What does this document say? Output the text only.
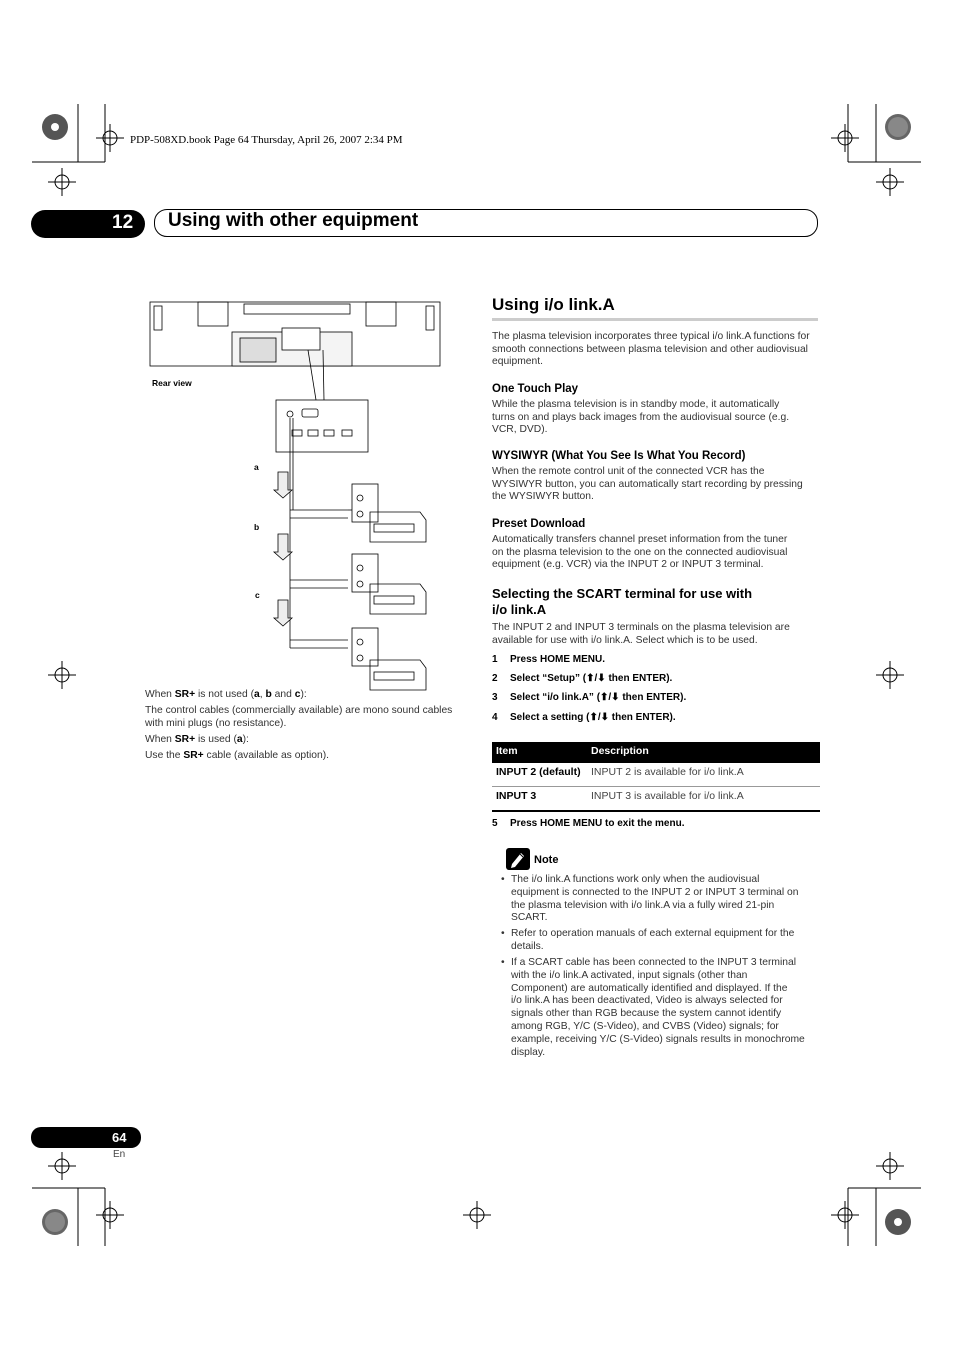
PDP-508XD.book Page 64 Thursday, April 26, 2007 2:34 PM
12 Using with other equipment
Rear view
a
b
c
When SR+ is not used (a, b and c):
The control cables (commercially available) are mono sound cables
with mini plugs (no resistance).
When SR+ is used (a):
Use the SR+ cable (available as option).
Using i/o link.A
The plasma television incorporates three typical i/o link.A functions for smooth connections between plasma television and other audiovisual equipment.
One Touch Play
While the plasma television is in standby mode, it automatically
turns on and plays back images from the audiovisual source (e.g.
VCR, DVD).
WYSIWYR (What You See Is What You Record)
When the remote control unit of the connected VCR has the
WYSIWYR button, you can automatically start recording by pressing
the WYSIWYR button.
Preset Download
Automatically transfers channel preset information from the tuner
on the plasma television to the one on the connected audiovisual
equipment (e.g. VCR) via the INPUT 2 or INPUT 3 terminal.
Selecting the SCART terminal for use with
i/o link.A
The INPUT 2 and INPUT 3 terminals on the plasma television are
available for use with i/o link.A. Select which is to be used.
1 Press HOME MENU.
2 Select “Setup” (⬆/⬇ then ENTER).
3 Select “i/o link.A” (⬆/⬇ then ENTER).
4 Select a setting (⬆/⬇ then ENTER).
Item	Description
INPUT 2 (default) INPUT 2 is available for i/o link.A
INPUT 3	INPUT 3 is available for i/o link.A
5 Press HOME MENU to exit the menu.
Note
• The i/o link.A functions work only when the audiovisual
equipment is connected to the INPUT 2 or INPUT 3 terminal on
the plasma television with i/o link.A via a fully wired 21-pin
SCART.
• Refer to operation manuals of each external equipment for the
details.
• If a SCART cable has been connected to the INPUT 3 terminal
with the i/o link.A activated, input signals (other than
Component) are automatically identified and displayed. If the
i/o link.A has been deactivated, Video is always selected for
signals other than RGB because the system cannot identify
among RGB, Y/C (S-Video), and CVBS (Video) signals; for
example, receiving Y/C (S-Video) signals results in monochrome
display.
64
En
